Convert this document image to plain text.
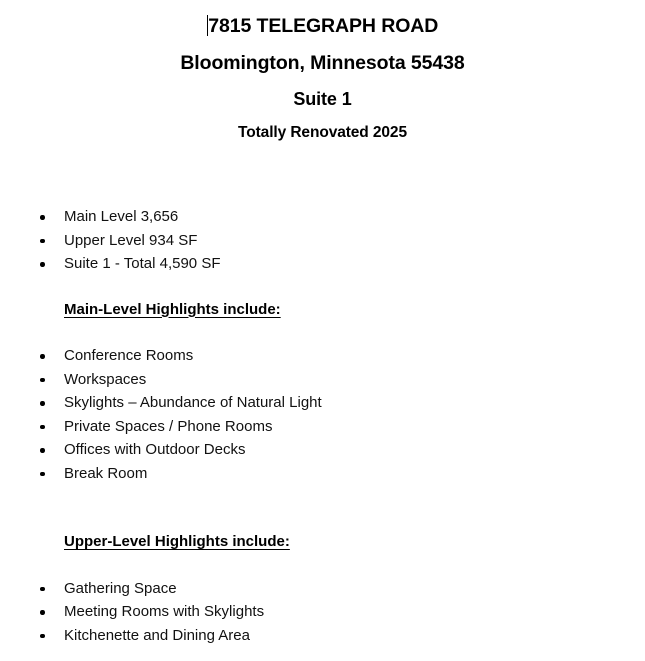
7815 TELEGRAPH ROAD
Bloomington, Minnesota 55438
Suite 1
Totally Renovated 2025
Main Level 3,656
Upper Level 934 SF
Suite 1 - Total 4,590 SF
Main-Level Highlights include:
Conference Rooms
Workspaces
Skylights – Abundance of Natural Light
Private Spaces / Phone Rooms
Offices with Outdoor Decks
Break Room
Upper-Level Highlights include:
Gathering Space
Meeting Rooms with Skylights
Kitchenette and Dining Area
